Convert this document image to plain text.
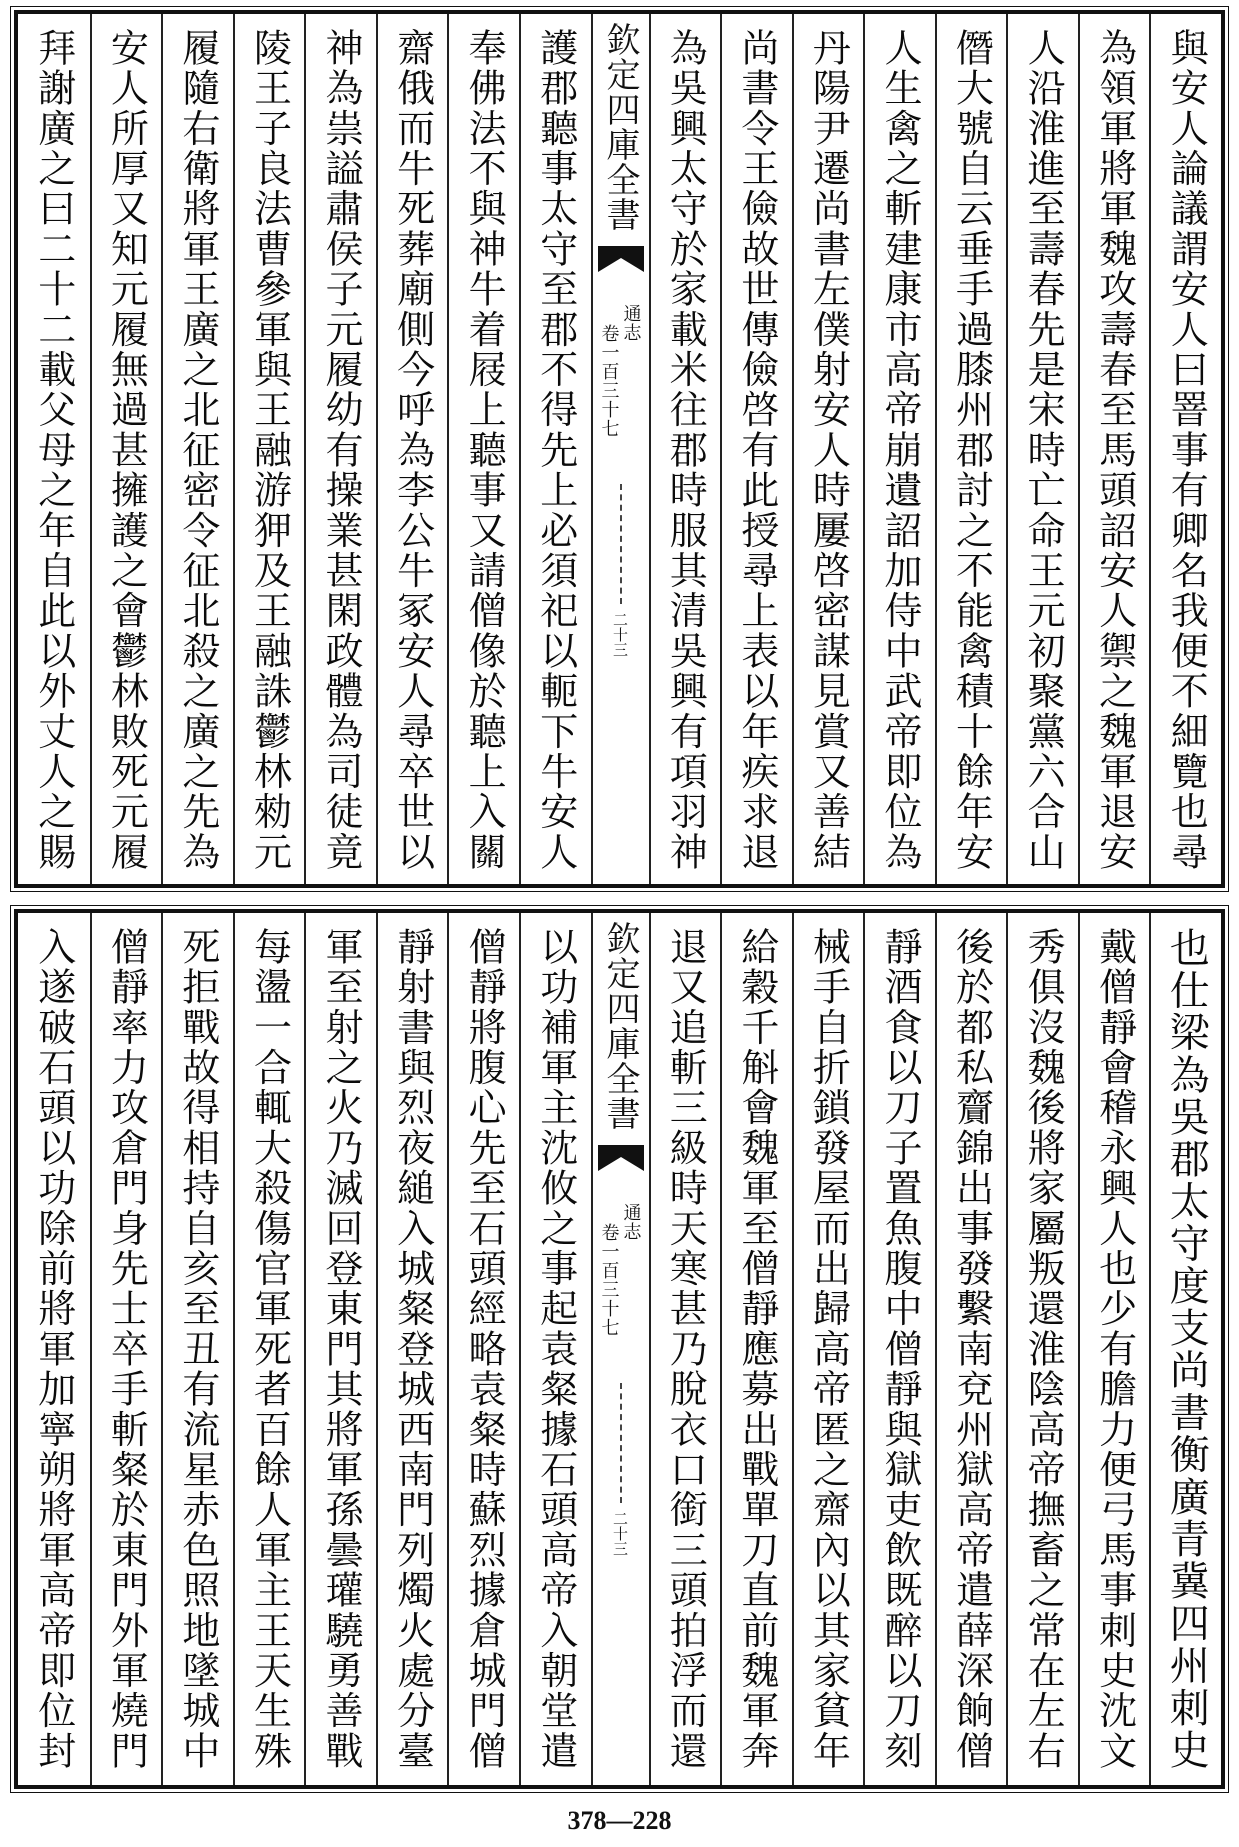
與安人論議謂安人曰罯事有卿名我便不細覽也尋
為領軍將軍魏攻壽春至馬頭詔安人禦之魏軍退安
人沿淮進至壽春先是宋時亡命王元初聚黨六合山
僭大號自云垂手過膝州郡討之不能禽積十餘年安
人生禽之斬建康市高帝崩遺詔加侍中武帝即位為
丹陽尹遷尚書左僕射安人時屢啓密謀見賞又善結
尚書令王儉故世傳儉啓有此授尋上表以年疾求退
為吳興太守於家載米往郡時服其清吳興有項羽神
欽定四庫全書
通志
卷一百三十七
二十三
護郡聽事太守至郡不得先上必須祀以軛下牛安人
奉佛法不與神牛着屐上聽事又請僧像於聽上入關
齋俄而牛死葬廟側今呼為李公牛冢安人尋卒世以
神為祟謚肅侯子元履幼有操業甚閑政體為司徒竟
陵王子良法曹參軍與王融游狎及王融誅鬱林勑元
履隨右衛將軍王廣之北征密令征北殺之廣之先為
安人所厚又知元履無過甚擁護之會鬱林敗死元履
拜謝廣之曰二十二載父母之年自此以外丈人之賜
也仕梁為吳郡太守度支尚書衡廣青冀四州刺史
戴僧靜會稽永興人也少有膽力便弓馬事刺史沈文
秀俱沒魏後將家屬叛還淮陰高帝撫畜之常在左右
後於都私齎錦出事發繫南兗州獄高帝遣薛深餉僧
靜酒食以刀子置魚腹中僧靜與獄吏飲既醉以刀刻
械手自折鎖發屋而出歸高帝匿之齋內以其家貧年
給穀千斛會魏軍至僧靜應募出戰單刀直前魏軍奔
退又追斬三級時天寒甚乃脫衣口銜三頭拍浮而還
欽定四庫全書
通志
卷一百三十七
二十三
以功補軍主沈攸之事起袁粲據石頭高帝入朝堂遣
僧靜將腹心先至石頭經略袁粲時蘇烈據倉城門僧
靜射書與烈夜縋入城粲登城西南門列燭火處分臺
軍至射之火乃滅回登東門其將軍孫曇瓘驍勇善戰
每盪一合輒大殺傷官軍死者百餘人軍主王天生殊
死拒戰故得相持自亥至丑有流星赤色照地墜城中
僧靜率力攻倉門身先士卒手斬粲於東門外軍燒門
入遂破石頭以功除前將軍加寧朔將軍高帝即位封
378—228
